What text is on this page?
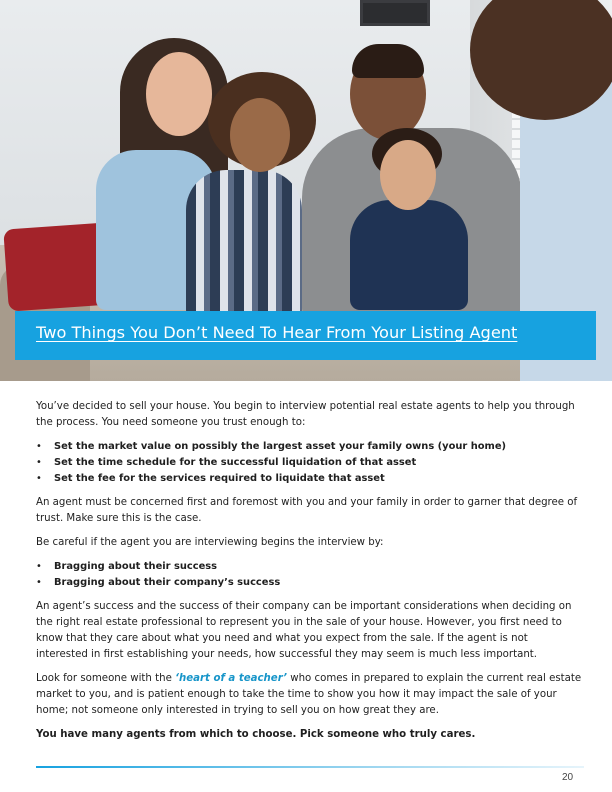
Two Things You Don’t Need To Hear From Your Listing Agent

You’ve decided to sell your house. You begin to interview potential real estate agents to help you through the process. You need someone you trust enough to:

• Set the market value on possibly the largest asset your family owns (your home)
• Set the time schedule for the successful liquidation of that asset
• Set the fee for the services required to liquidate that asset

An agent must be concerned first and foremost with you and your family in order to garner that degree of trust. Make sure this is the case.

Be careful if the agent you are interviewing begins the interview by:

• Bragging about their success
• Bragging about their company’s success

An agent’s success and the success of their company can be important considerations when deciding on the right real estate professional to represent you in the sale of your house. However, you first need to know that they care about what you need and what you expect from the sale. If the agent is not interested in first establishing your needs, how successful they may seem is much less important.

Look for someone with the ‘heart of a teacher’ who comes in prepared to explain the current real estate market to you, and is patient enough to take the time to show you how it may impact the sale of your home; not someone only interested in trying to sell you on how great they are.

You have many agents from which to choose. Pick someone who truly cares.

20
